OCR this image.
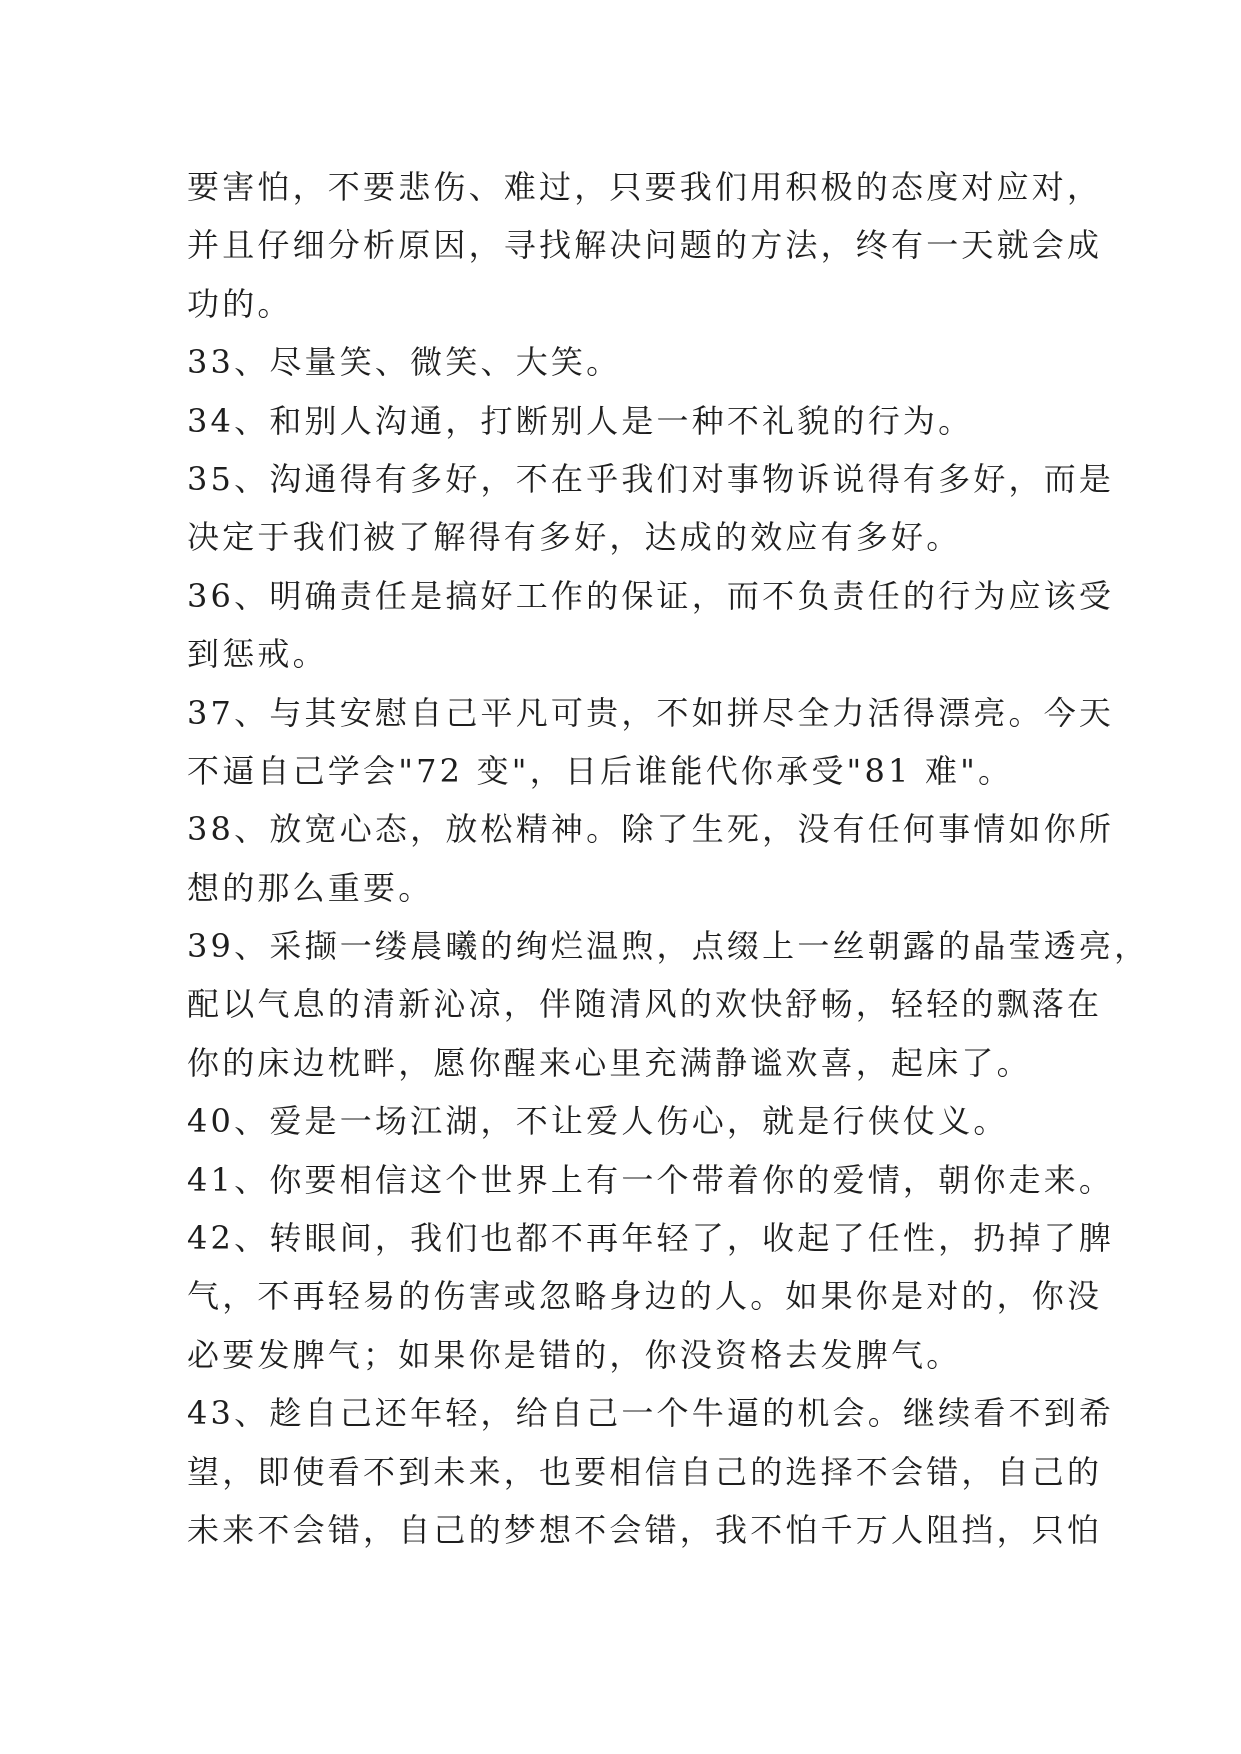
要害怕，不要悲伤、难过，只要我们用积极的态度对应对，
并且仔细分析原因，寻找解决问题的方法，终有一天就会成
功的。
33、尽量笑、微笑、大笑。
34、和别人沟通，打断别人是一种不礼貌的行为。
35、沟通得有多好，不在乎我们对事物诉说得有多好，而是
决定于我们被了解得有多好，达成的效应有多好。
36、明确责任是搞好工作的保证，而不负责任的行为应该受
到惩戒。
37、与其安慰自己平凡可贵，不如拼尽全力活得漂亮。今天
不逼自己学会"72 变"，日后谁能代你承受"81 难"。
38、放宽心态，放松精神。除了生死，没有任何事情如你所
想的那么重要。
39、采撷一缕晨曦的绚烂温煦，点缀上一丝朝露的晶莹透亮，
配以气息的清新沁凉，伴随清风的欢快舒畅，轻轻的飘落在
你的床边枕畔，愿你醒来心里充满静谧欢喜，起床了。
40、爱是一场江湖，不让爱人伤心，就是行侠仗义。
41、你要相信这个世界上有一个带着你的爱情，朝你走来。
42、转眼间，我们也都不再年轻了，收起了任性，扔掉了脾
气，不再轻易的伤害或忽略身边的人。如果你是对的，你没
必要发脾气；如果你是错的，你没资格去发脾气。
43、趁自己还年轻，给自己一个牛逼的机会。继续看不到希
望，即使看不到未来，也要相信自己的选择不会错，自己的
未来不会错，自己的梦想不会错，我不怕千万人阻挡，只怕
